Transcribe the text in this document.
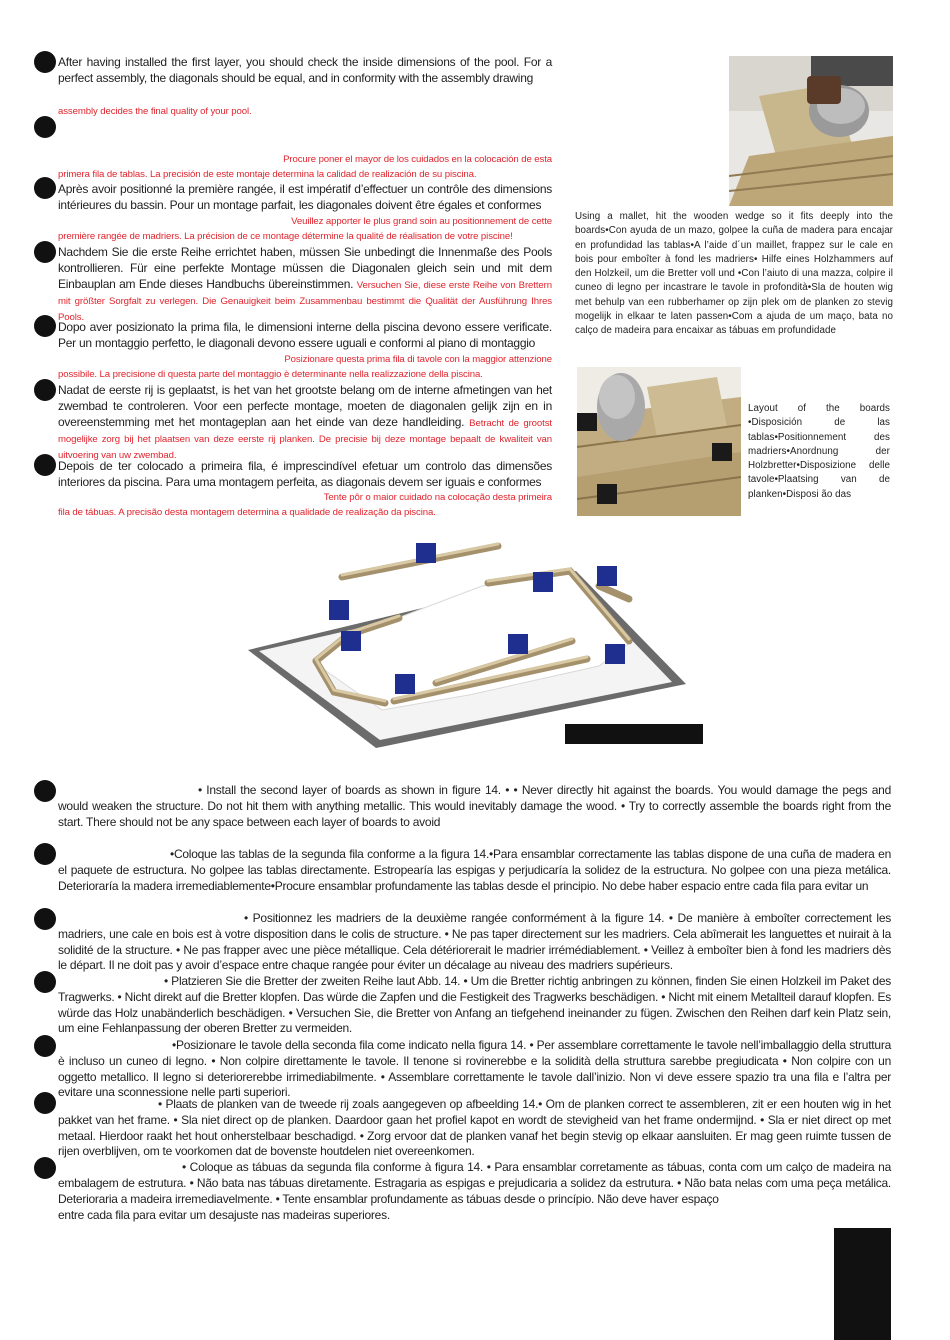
After having installed the first layer, you should check the inside dimensions of the pool. For a perfect assembly, the diagonals should be equal, and in conformity with the assembly drawing
assembly decides the final quality of your pool.
Procure poner el mayor de los cuidados en la colocación de esta
primera fila de tablas. La precisión de este montaje determina la calidad de realización de su piscina.
Après avoir positionné la première rangée, il est impératif d’effectuer un contrôle des dimensions intérieures du bassin. Pour un montage parfait, les diagonales doivent être égales et conformes
Veuillez apporter le plus grand soin au positionnement de cette
première rangée de madriers. La précision de ce montage détermine la qualité de réalisation de votre piscine!
Nachdem Sie die erste Reihe errichtet haben, müssen Sie unbedingt die Innenmaße des Pools kontrollieren. Für eine perfekte Montage müssen die Diagonalen gleich sein und mit dem Einbauplan am Ende dieses Handbuchs übereinstimmen. Versuchen Sie, diese erste Reihe von Brettern mit größter Sorgfalt zu verlegen. Die Genauigkeit beim Zusammenbau bestimmt die Qualität der Ausführung Ihres Pools.
Dopo aver posizionato la prima fila, le dimensioni interne della piscina devono essere verificate. Per un montaggio perfetto, le diagonali devono essere uguali e conformi al piano di montaggio
Posizionare questa prima fila di tavole con la maggior attenzione
possibile. La precisione di questa parte del montaggio è determinante nella realizzazione della piscina.
Nadat de eerste rij is geplaatst, is het van het grootste belang om de interne afmetingen van het zwembad te controleren. Voor een perfecte montage, moeten de diagonalen gelijk zijn en in overeenstemming met het montageplan aan het einde van deze handleiding. Betracht de grootst mogelijke zorg bij het plaatsen van deze eerste rij planken. De precisie bij deze montage bepaalt de kwaliteit van uitvoering van uw zwembad.
Depois de ter colocado a primeira fila, é imprescindível efetuar um controlo das dimensões interiores da piscina. Para uma montagem perfeita, as diagonais devem ser iguais e conformes
Tente pôr o maior cuidado na colocação desta primeira
fila de tábuas. A precisão desta montagem determina a qualidade de realização da piscina.
Using a mallet, hit the wooden wedge so it fits deeply into the boards•Con ayuda de un mazo, golpee la cuña de madera para encajar en profundidad las tablas•A l’aide d´un maillet, frappez sur le cale en bois pour emboîter à fond les madriers• Hilfe eines Holzhammers auf den Holzkeil, um die Bretter voll und •Con l’aiuto di una mazza, colpire il cuneo di legno per incastrare le tavole in profondità•Sla de houten wig met behulp van een rubberhamer op zijn plek om de planken zo stevig mogelijk in elkaar te laten passen•Com a ajuda de um maço, bata no calço de madeira para encaixar as tábuas em profundidade
Layout of the boards •Disposición de las tablas•Positionnement des madriers•Anordnung der Holzbretter•Disposizione delle tavole•Plaatsing van de planken•Disposi ão das
• Install the second layer of boards as shown in figure 14. • • Never directly hit against the boards. You would damage the pegs and would weaken the structure. Do not hit them with anything metallic. This would inevitably damage the wood. • Try to correctly assemble the boards right from the start. There should not be any space between each layer of boards to avoid
•Coloque las tablas de la segunda fila conforme a la figura 14.•Para ensamblar correctamente las tablas dispone de una cuña de madera en el paquete de estructura. No golpee las tablas directamente. Estropearía las espigas y perjudicaría la solidez de la estructura. No golpee con una pieza metálica. Deterioraría la madera irremediablemente•Procure ensamblar profundamente las tablas desde el principio. No debe haber espacio entre cada fila para evitar un
• Positionnez les madriers de la deuxième rangée conformément à la figure 14. • De manière à emboîter correctement les madriers, une cale en bois est à votre disposition dans le colis de structure. • Ne pas taper directement sur les madriers. Cela abîmerait les languettes et nuirait à la solidité de la structure. • Ne pas frapper avec une pièce métallique. Cela détériorerait le madrier irrémédiablement. • Veillez à emboîter bien à fond les madriers dès le départ. Il ne doit pas y avoir d’espace entre chaque rangée pour éviter un décalage au niveau des madriers supérieurs.
• Platzieren Sie die Bretter der zweiten Reihe laut Abb. 14. • Um die Bretter richtig anbringen zu können, finden Sie einen Holzkeil im Paket des Tragwerks. • Nicht direkt auf die Bretter klopfen. Das würde die Zapfen und die Festigkeit des Tragwerks beschädigen. • Nicht mit einem Metallteil darauf klopfen. Es würde das Holz unabänderlich beschädigen. • Versuchen Sie, die Bretter von Anfang an tiefgehend ineinander zu fügen. Zwischen den Reihen darf kein Platz sein, um eine Fehlanpassung der oberen Bretter zu vermeiden.
•Posizionare le tavole della seconda fila come indicato nella figura 14. • Per assemblare correttamente le tavole nell’imballaggio della struttura è incluso un cuneo di legno. • Non colpire direttamente le tavole. Il tenone si rovinerebbe e la solidità della struttura sarebbe pregiudicata • Non colpire con un oggetto metallico. Il legno si deteriorerebbe irrimediabilmente. • Assemblare correttamente le tavole dall’inizio. Non vi deve essere spazio tra una fila e l’altra per evitare una sconnessione nelle parti superiori.
• Plaats de planken van de tweede rij zoals aangegeven op afbeelding 14.• Om de planken correct te assembleren, zit er een houten wig in het pakket van het frame. • Sla niet direct op de planken. Daardoor gaan het profiel kapot en wordt de stevigheid van het frame ondermijnd. • Sla er niet direct op met metaal. Hierdoor raakt het hout onherstelbaar beschadigd. • Zorg ervoor dat de planken vanaf het begin stevig op elkaar aansluiten. Er mag geen ruimte tussen de rijen overblijven, om te voorkomen dat de bovenste houtdelen niet overeenkomen.
• Coloque as tábuas da segunda fila conforme à figura 14. • Para ensamblar corretamente as tábuas, conta com um calço de madeira na embalagem de estrutura. • Não bata nas tábuas diretamente. Estragaria as espigas e prejudicaria a solidez da estrutura. • Não bata nelas com uma peça metálica. Deterioraria a madeira irremediavelmente. • Tente ensamblar profundamente as tábuas desde o princípio. Não deve haver espaço
entre cada fila para evitar um desajuste nas madeiras superiores.
